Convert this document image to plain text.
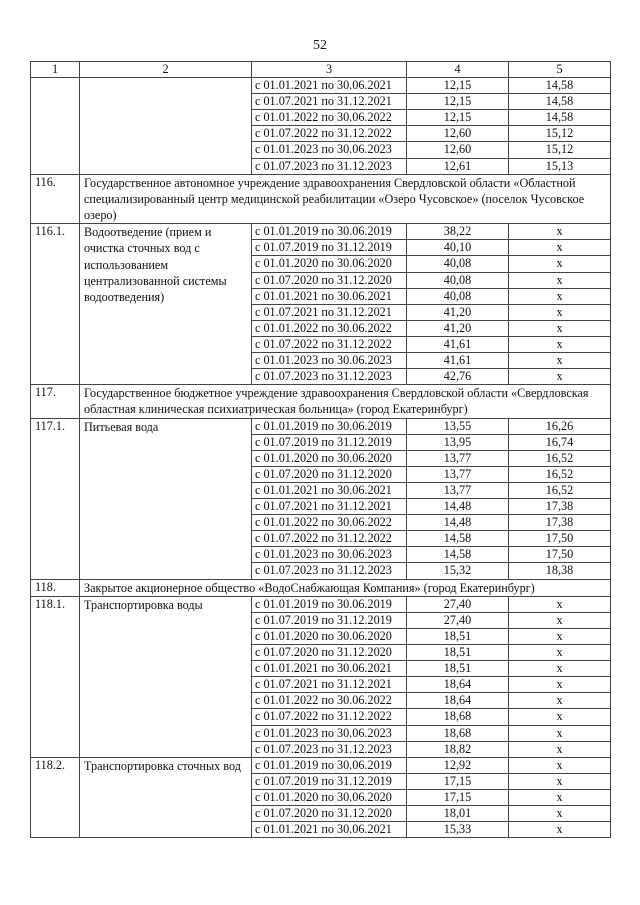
52
1	2	3	4	5
		с 01.01.2021 по 30.06.2021	12,15	14,58
		с 01.07.2021 по 31.12.2021	12,15	14,58
		с 01.01.2022 по 30.06.2022	12,15	14,58
		с 01.07.2022 по 31.12.2022	12,60	15,12
		с 01.01.2023 по 30.06.2023	12,60	15,12
		с 01.07.2023 по 31.12.2023	12,61	15,13
116.	Государственное автономное учреждение здравоохранения Свердловской области «Областной специализированный центр медицинской реабилитации «Озеро Чусовское» (поселок Чусовское озеро)			
116.1.	Водоотведение (прием и очистка сточных вод с использованием централизованной системы водоотведения)	с 01.01.2019 по 30.06.2019	38,22	x
		с 01.07.2019 по 31.12.2019	40,10	x
		с 01.01.2020 по 30.06.2020	40,08	x
		с 01.07.2020 по 31.12.2020	40,08	x
		с 01.01.2021 по 30.06.2021	40,08	x
		с 01.07.2021 по 31.12.2021	41,20	x
		с 01.01.2022 по 30.06.2022	41,20	x
		с 01.07.2022 по 31.12.2022	41,61	x
		с 01.01.2023 по 30.06.2023	41,61	x
		с 01.07.2023 по 31.12.2023	42,76	x
117.	Государственное бюджетное учреждение здравоохранения Свердловской области «Свердловская областная клиническая психиатрическая больница» (город Екатеринбург)			
117.1.	Питьевая вода	с 01.01.2019 по 30.06.2019	13,55	16,26
		с 01.07.2019 по 31.12.2019	13,95	16,74
		с 01.01.2020 по 30.06.2020	13,77	16,52
		с 01.07.2020 по 31.12.2020	13,77	16,52
		с 01.01.2021 по 30.06.2021	13,77	16,52
		с 01.07.2021 по 31.12.2021	14,48	17,38
		с 01.01.2022 по 30.06.2022	14,48	17,38
		с 01.07.2022 по 31.12.2022	14,58	17,50
		с 01.01.2023 по 30.06.2023	14,58	17,50
		с 01.07.2023 по 31.12.2023	15,32	18,38
118.	Закрытое акционерное общество «ВодоСнабжающая Компания» (город Екатеринбург)			
118.1.	Транспортировка воды	с 01.01.2019 по 30.06.2019	27,40	x
		с 01.07.2019 по 31.12.2019	27,40	x
		с 01.01.2020 по 30.06.2020	18,51	x
		с 01.07.2020 по 31.12.2020	18,51	x
		с 01.01.2021 по 30.06.2021	18,51	x
		с 01.07.2021 по 31.12.2021	18,64	x
		с 01.01.2022 по 30.06.2022	18,64	x
		с 01.07.2022 по 31.12.2022	18,68	x
		с 01.01.2023 по 30.06.2023	18,68	x
		с 01.07.2023 по 31.12.2023	18,82	x
118.2.	Транспортировка сточных вод	с 01.01.2019 по 30.06.2019	12,92	x
		с 01.07.2019 по 31.12.2019	17,15	x
		с 01.01.2020 по 30.06.2020	17,15	x
		с 01.07.2020 по 31.12.2020	18,01	x
		с 01.01.2021 по 30.06.2021	15,33	x
